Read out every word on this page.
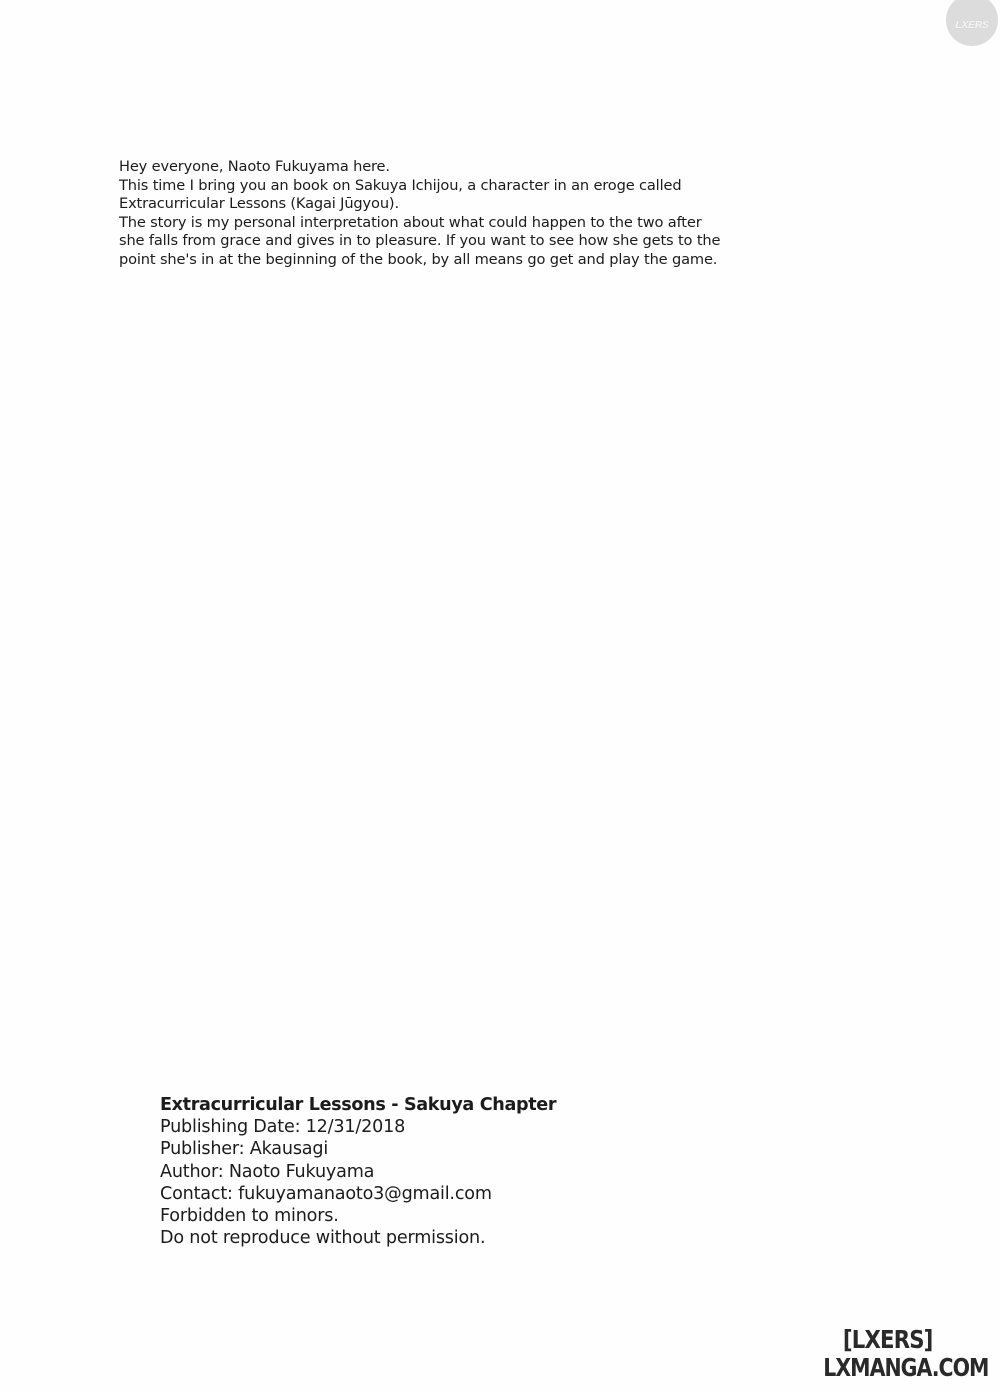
LXERS

Hey everyone, Naoto Fukuyama here.

This time I bring you an book on Sakuya Ichijou, a character in an eroge called

Extracurricular Lessons (Kagai Jūgyou).

The story is my personal interpretation about what could happen to the two after

she falls from grace and gives in to pleasure. If you want to see how she gets to the

point she's in at the beginning of the book, by all means go get and play the game.

Extracurricular Lessons - Sakuya Chapter

Publishing Date: 12/31/2018

Publisher: Akausagi

Author: Naoto Fukuyama

Contact: fukuyamanaoto3@gmail.com

Forbidden to minors.

Do not reproduce without permission.

[LXERS]
LXMANGA.COM
